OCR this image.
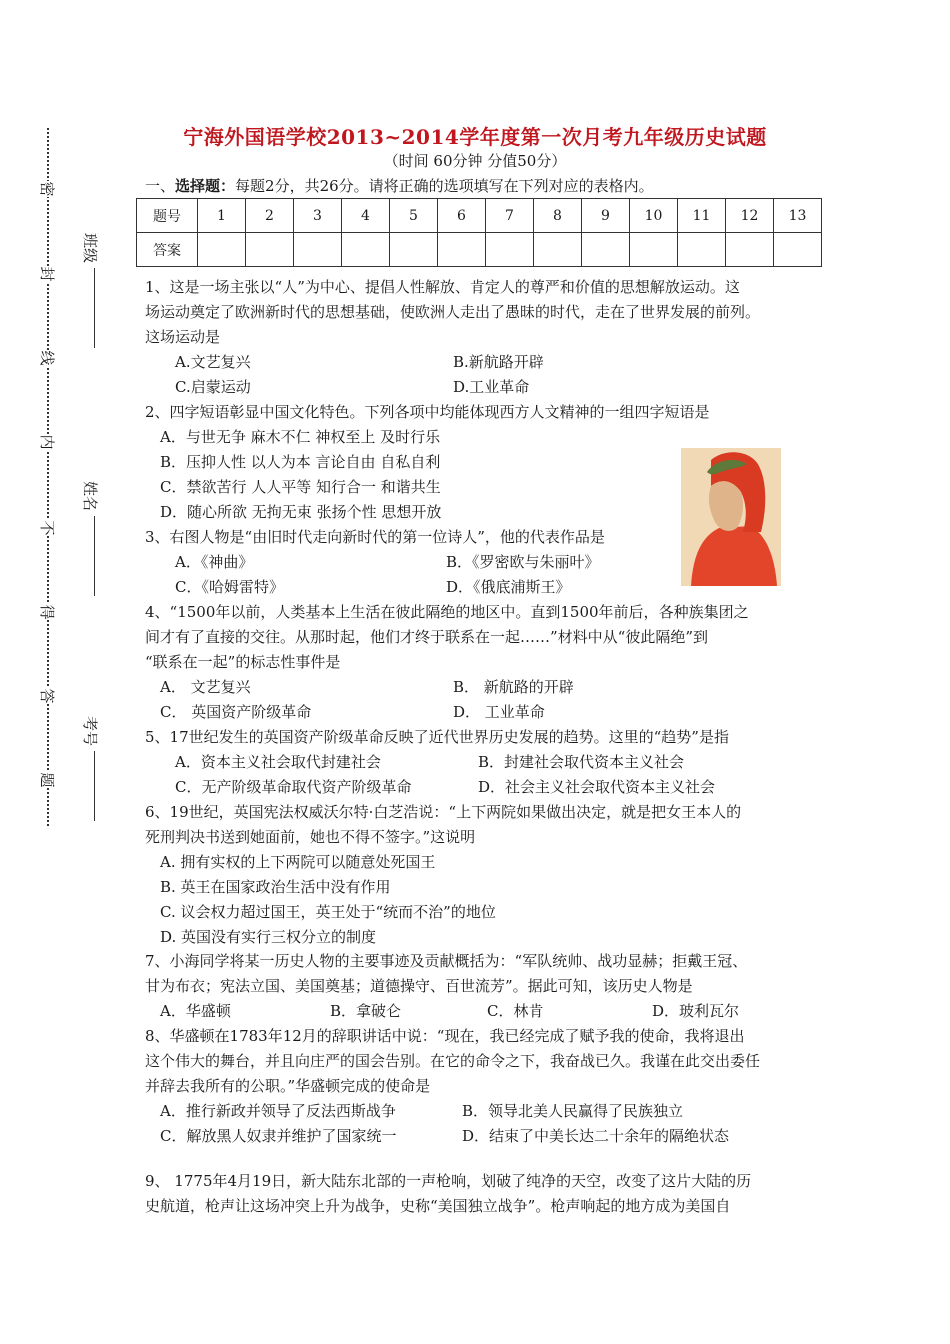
密
封
线
内
不
得
答
题
班级
姓名
考号
宁海外国语学校2013~2014学年度第一次月考九年级历史试题
（时间 60分钟 分值50分）
一、选择题：每题2分，共26分。请将正确的选项填写在下列对应的表格内。
题号	1	2	3	4	5	6	7	8	9	10	11	12	13
答案													
1、这是一场主张以“人”为中心、提倡人性解放、肯定人的尊严和价值的思想解放运动。这
场运动奠定了欧洲新时代的思想基础，使欧洲人走出了愚昧的时代，走在了世界发展的前列。
这场运动是
A.文艺复兴	B.新航路开辟
C.启蒙运动	D.工业革命
2、四字短语彰显中国文化特色。下列各项中均能体现西方人文精神的一组四字短语是
A．与世无争 麻木不仁 神权至上 及时行乐
B．压抑人性 以人为本 言论自由 自私自利
C．禁欲苦行 人人平等 知行合一 和谐共生
D．随心所欲 无拘无束 张扬个性 思想开放
3、右图人物是“由旧时代走向新时代的第一位诗人”，他的代表作品是
A．《神曲》	B．《罗密欧与朱丽叶》
C．《哈姆雷特》	D．《俄底浦斯王》
4、“1500年以前，人类基本上生活在彼此隔绝的地区中。直到1500年前后，各种族集团之
间才有了直接的交往。从那时起，他们才终于联系在一起……”材料中从“彼此隔绝”到
“联系在一起”的标志性事件是
A． 文艺复兴	B． 新航路的开辟
C． 英国资产阶级革命	D． 工业革命
5、17世纪发生的英国资产阶级革命反映了近代世界历史发展的趋势。这里的“趋势”是指
A．资本主义社会取代封建社会	B．封建社会取代资本主义社会
C．无产阶级革命取代资产阶级革命	D．社会主义社会取代资本主义社会
6、19世纪，英国宪法权威沃尔特·白芝浩说：“上下两院如果做出决定，就是把女王本人的
死刑判决书送到她面前，她也不得不签字。”这说明
A. 拥有实权的上下两院可以随意处死国王
B. 英王在国家政治生活中没有作用
C. 议会权力超过国王，英王处于“统而不治”的地位
D. 英国没有实行三权分立的制度
7、小海同学将某一历史人物的主要事迹及贡献概括为：“军队统帅、战功显赫；拒戴王冠、
甘为布衣；宪法立国、美国奠基；道德操守、百世流芳”。据此可知，该历史人物是
A．华盛顿	B．拿破仑	C．林肯	D．玻利瓦尔
8、华盛顿在1783年12月的辞职讲话中说：“现在，我已经完成了赋予我的使命，我将退出
这个伟大的舞台，并且向庄严的国会告别。在它的命令之下，我奋战已久。我谨在此交出委任
并辞去我所有的公职。”华盛顿完成的使命是
A．推行新政并领导了反法西斯战争	B．领导北美人民赢得了民族独立
C．解放黑人奴隶并维护了国家统一	D．结束了中美长达二十余年的隔绝状态
9、 1775年4月19日，新大陆东北部的一声枪响，划破了纯净的天空，改变了这片大陆的历
史航道，枪声让这场冲突上升为战争，史称“美国独立战争”。枪声响起的地方成为美国自
